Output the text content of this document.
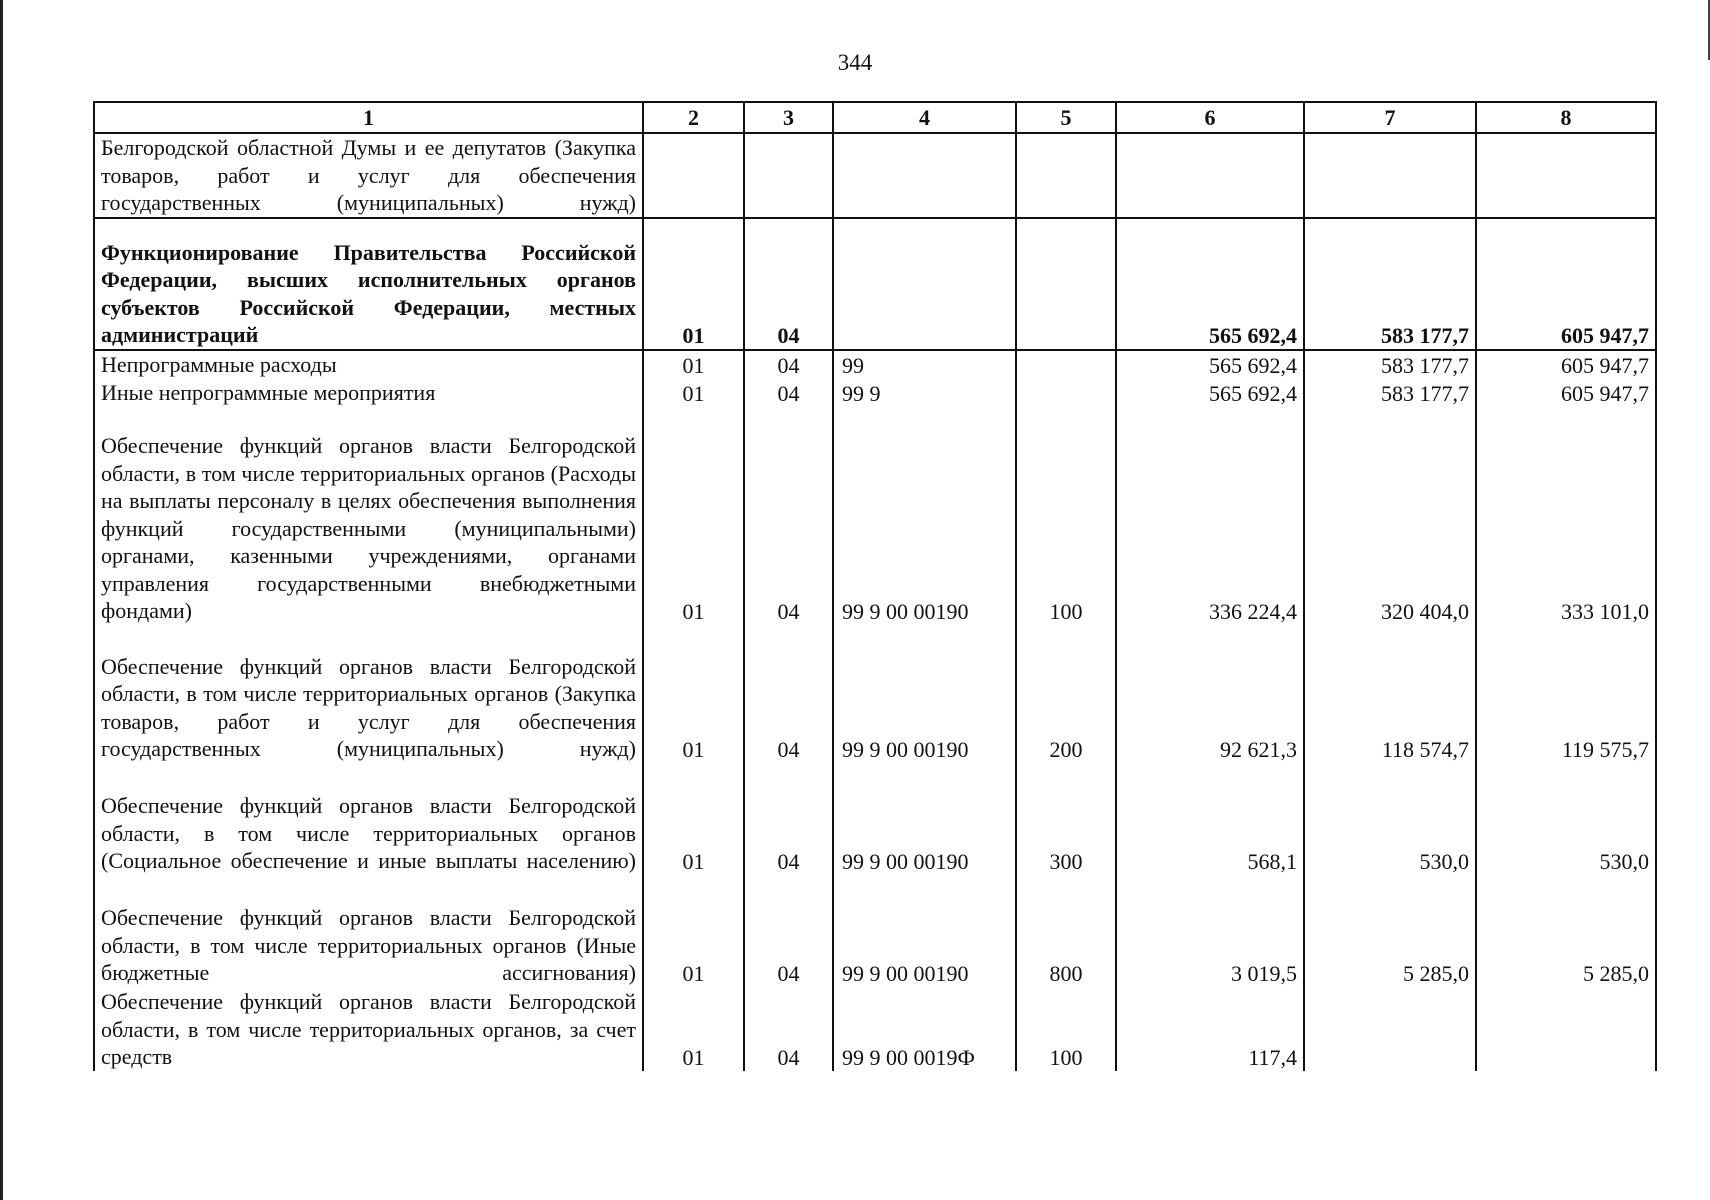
344
1	2	3	4	5	6	7	8
Белгородской областной Думы и ее депутатов (Закупка товаров, работ и услуг для обеспечения государственных (муниципальных) нужд)							
Функционирование Правительства Российской Федерации, высших исполнительных органов субъектов Российской Федерации, местных администраций	01	04			565 692,4	583 177,7	605 947,7
Непрограммные расходы	01	04	99		565 692,4	583 177,7	605 947,7
Иные непрограммные мероприятия	01	04	99 9		565 692,4	583 177,7	605 947,7
Обеспечение функций органов власти Белгородской области, в том числе территориальных органов (Расходы на выплаты персоналу в целях обеспечения выполнения функций государственными (муниципальными) органами, казенными учреждениями, органами управления государственными внебюджетными фондами)	01	04	99 9 00 00190	100	336 224,4	320 404,0	333 101,0
Обеспечение функций органов власти Белгородской области, в том числе территориальных органов (Закупка товаров, работ и услуг для обеспечения государственных (муниципальных) нужд)	01	04	99 9 00 00190	200	92 621,3	118 574,7	119 575,7
Обеспечение функций органов власти Белгородской области, в том числе территориальных органов (Социальное обеспечение и иные выплаты населению)	01	04	99 9 00 00190	300	568,1	530,0	530,0
Обеспечение функций органов власти Белгородской области, в том числе территориальных органов (Иные бюджетные ассигнования)	01	04	99 9 00 00190	800	3 019,5	5 285,0	5 285,0
Обеспечение функций органов власти Белгородской области, в том числе территориальных органов, за счет средств	01	04	99 9 00 0019Ф	100	117,4		
